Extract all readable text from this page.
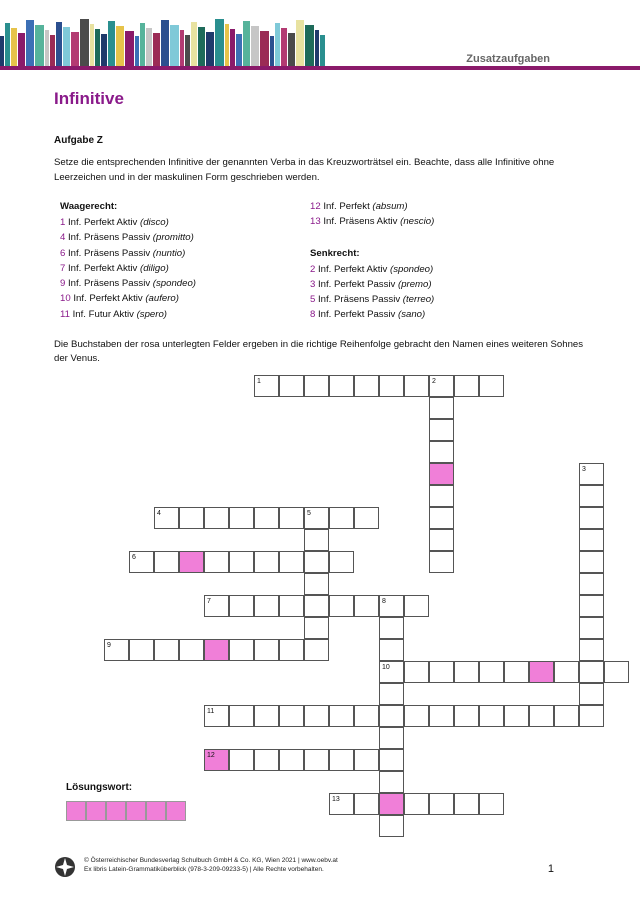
Zusatzaufgaben
Infinitive
Aufgabe Z
Setze die entsprechenden Infinitive der genannten Verba in das Kreuzworträtsel ein. Beachte, dass alle Infinitive ohne Leerzeichen und in der maskulinen Form geschrieben werden.
Waagerecht:
1 Inf. Perfekt Aktiv (disco)
4 Inf. Präsens Passiv (promitto)
6 Inf. Präsens Passiv (nuntio)
7 Inf. Perfekt Aktiv (diligo)
9 Inf. Präsens Passiv (spondeo)
10 Inf. Perfekt Aktiv (aufero)
11 Inf. Futur Aktiv (spero)
12 Inf. Perfekt (absum)
13 Inf. Präsens Aktiv (nescio)
Senkrecht:
2 Inf. Perfekt Aktiv (spondeo)
3 Inf. Perfekt Passiv (premo)
5 Inf. Präsens Passiv (terreo)
8 Inf. Perfekt Passiv (sano)
Die Buchstaben der rosa unterlegten Felder ergeben in die richtige Reihenfolge gebracht den Namen eines weiteren Sohnes der Venus.
1	2
3
4	5
6
7	8
10
9
11
12
13
Lösungswort:
© Österreichischer Bundesverlag Schulbuch GmbH & Co. KG, Wien 2021 | www.oebv.at
Ex libris Latein-Grammatiküberblick (978-3-209-09233-5) | Alle Rechte vorbehalten.	1
